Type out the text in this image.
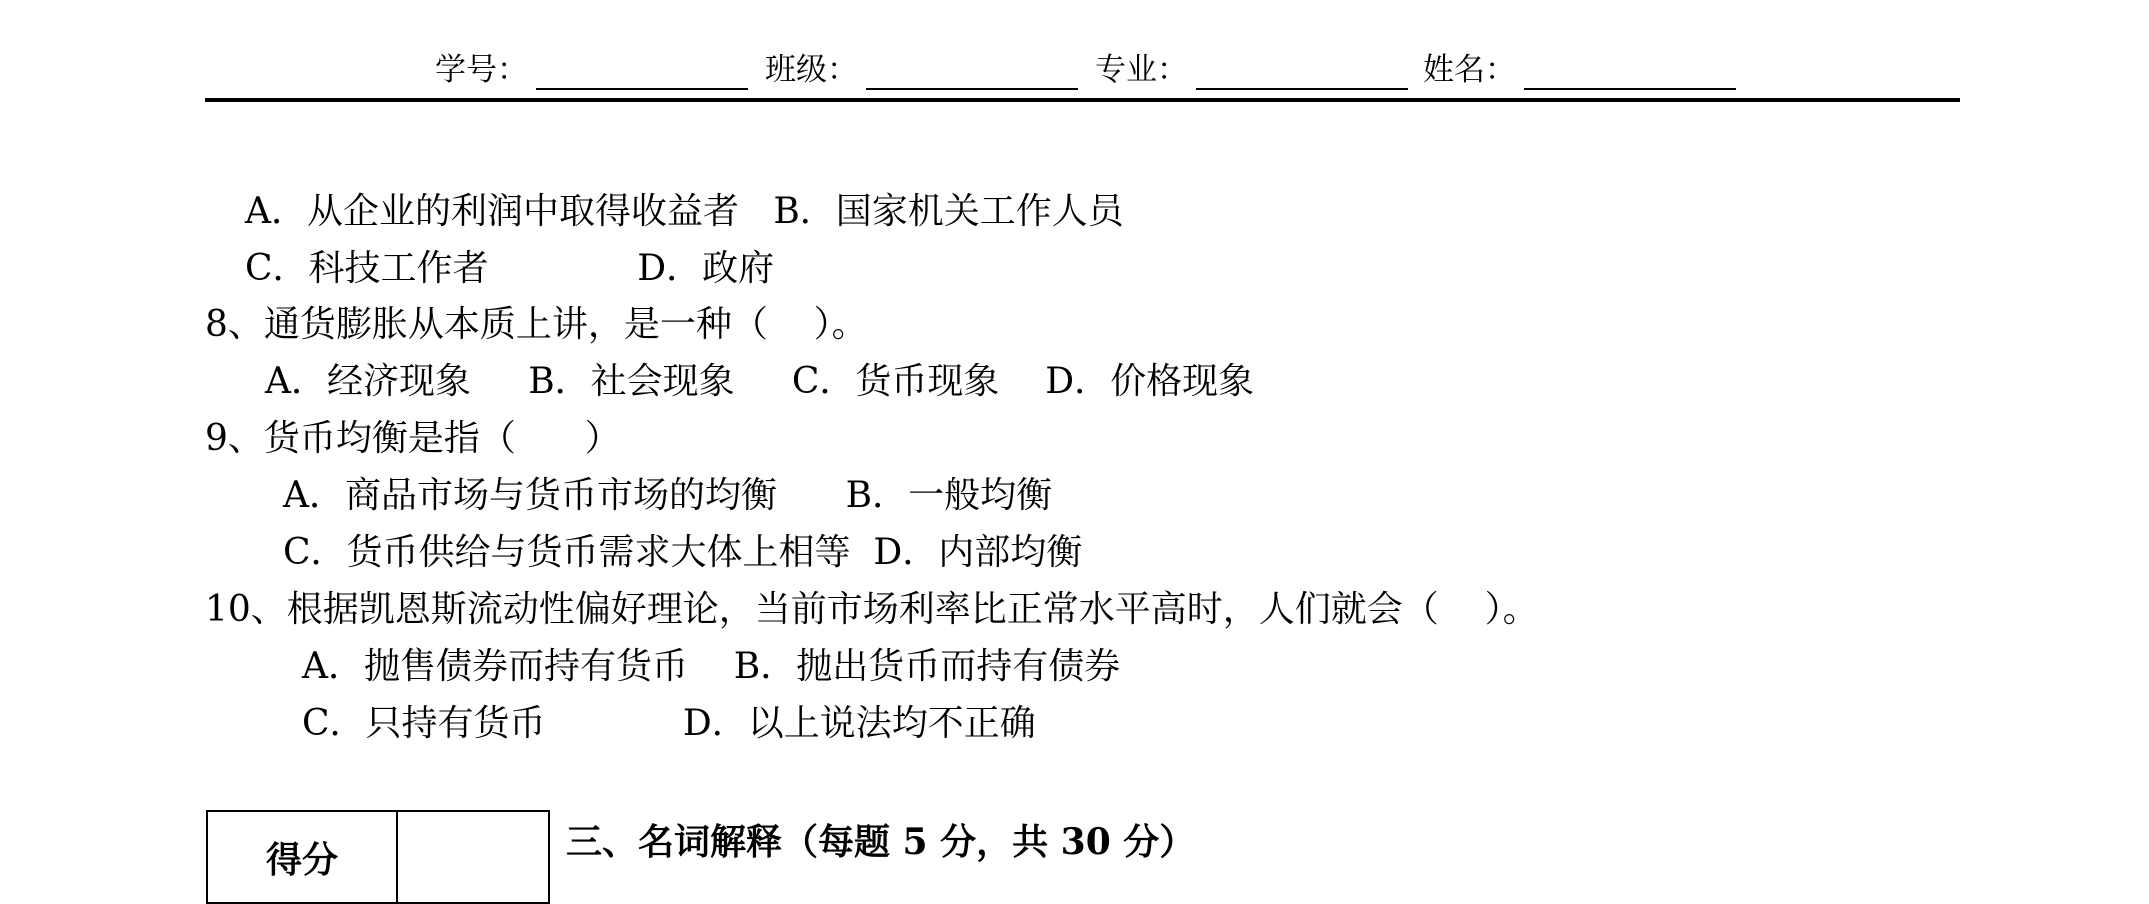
学号：	班级：	专业：	姓名：
A．从企业的利润中取得收益者   B．国家机关工作人员
C．科技工作者             D．政府
8、通货膨胀从本质上讲，是一种（    ）。
A．经济现象     B．社会现象     C．货币现象    D．价格现象
9、货币均衡是指（      ）
A．商品市场与货币市场的均衡      B．一般均衡
C．货币供给与货币需求大体上相等  D．内部均衡
10、根据凯恩斯流动性偏好理论，当前市场利率比正常水平高时，人们就会（    ）。
A．抛售债券而持有货币    B．抛出货币而持有债券
C．只持有货币            D．以上说法均不正确
得分		三、名词解释（每题 5 分，共 30 分）
